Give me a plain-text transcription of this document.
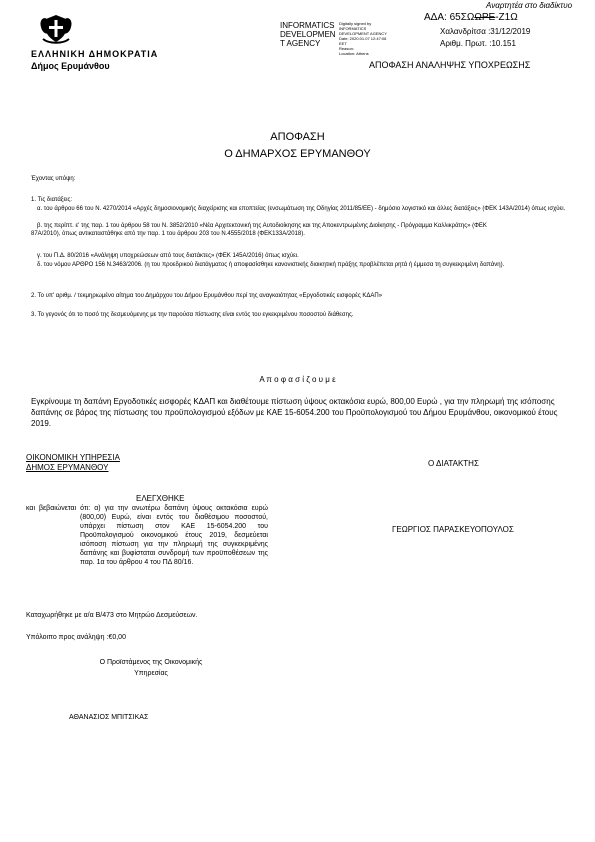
Αναρτητέα στο διαδίκτυο
ΑΔΑ: 65ΣΩΩΡΕ-Ζ1Ω
Χαλανδρίτσα :31/12/2019
Αριθμ. Πρωτ. :10.151
INFORMATICS
DEVELOPMEN
T AGENCY
Digitally signed by
INFORMATICS
DEVELOPMENT AGENCY
Date: 2020.01.07 12:47:08
EET
Reason:
Location: Athens
ΕΛΛΗΝΙΚΗ ΔΗΜΟΚΡΑΤΙΑ
Δήμος Ερυμάνθου	ΑΠΟΦΑΣΗ ΑΝΑΛΗΨΗΣ ΥΠΟΧΡΕΩΣΗΣ
ΑΠΟΦΑΣΗ
Ο ΔΗΜΑΡΧΟΣ ΕΡΥΜΑΝΘΟΥ
Έχοντας υπόψη:
1. Τις διατάξεις:
α. του άρθρου 66 του Ν. 4270/2014 «Αρχές δημοσιονομικής διαχείρισης και εποπτείας (ενσωμάτωση της Οδηγίας 2011/85/ΕΕ) - δημόσιο λογιστικό και άλλες διατάξεις» (ΦΕΚ 143Α/2014) όπως ισχύει.
β. της περίπτ. ε' της παρ. 1 του άρθρου 58 του Ν. 3852/2010 «Νέα Αρχιτεκτονική της Αυτοδιοίκησης και της Αποκεντρωμένης Διοίκησης - Πρόγραμμα Καλλικράτης» (ΦΕΚ 87Α/2010), όπως αντικαταστάθηκε από την παρ. 1 του άρθρου 203 του Ν.4555/2018 (ΦΕΚ133Α/2018).
γ. του Π.Δ. 80/2016 «Ανάληψη υποχρεώσεων από τους διατάκτες» (ΦΕΚ 145Α/2016) όπως ισχύει.
δ. του νόμου ΑΡΘΡΟ 156 Ν.3463/2006. (η του προεδρικού διατάγματος ή αποφασίσθηκε κανονιστικής διοικητική πράξης προβλέπεται ρητά ή έμμεσα τη συγκεκριμένη δαπάνη).
2. Το υπ' αριθμ. / τεκμηριωμένο αίτημα του Δημάρχου του Δήμου Ερυμάνθου περί της αναγκαιότητας «Εργοδοτικές εισφορές ΚΔΑΠ»
3. Το γεγονός ότι το ποσό της δεσμευόμενης με την παρούσα πίστωσης είναι εντός του εγκεκριμένου ποσοστού διάθεσης.
Α π ο φ α σ ί ζ ο υ μ ε
Εγκρίνουμε τη δαπάνη Εργοδοτικές εισφορές ΚΔΑΠ και διαθέτουμε πίστωση ύψους οκτακόσια ευρώ, 800,00 Ευρώ , για την πληρωμή της ισόποσης δαπάνης σε βάρος της πίστωσης του προϋπολογισμού εξόδων με ΚΑΕ 15-6054.200 του Προϋπολογισμού του Δήμου Ερυμάνθου, οικονομικού έτους 2019.
ΟΙΚΟΝΟΜΙΚΗ ΥΠΗΡΕΣΙΑ
ΔΗΜΟΣ ΕΡΥΜΑΝΘΟΥ
ΕΛΕΓΧΘΗΚΕ
και βεβαιώνεται ότι: α) για την ανωτέρω δαπάνη ύψους οκτακόσια ευρώ (800,00) Ευρώ, είναι εντός του διαθέσιμου ποσοστού, υπάρχει πίστωση στον ΚΑΕ 15-6054.200 του Προϋπολογισμού οικονομικού έτους 2019, δεσμεύεται ισόποση πίστωση για την πληρωμή της συγκεκριμένης δαπάνης και βυφίσταται συνδρομή των προϋποθέσεων της παρ. 1α του άρθρου 4 του ΠΔ 80/16.
Καταχωρήθηκε με α/α Β/473 στο Μητρώο Δεσμεύσεων.
Υπόλοιπο προς ανάληψη :€0,00
Ο Προϊστάμενος της Οικονομικής
Υπηρεσίας
ΑΘΑΝΑΣΙΟΣ ΜΠΙΤΣΙΚΑΣ
Ο ΔΙΑΤΑΚΤΗΣ
ΓΕΩΡΓΙΟΣ ΠΑΡΑΣΚΕΥΟΠΟΥΛΟΣ
